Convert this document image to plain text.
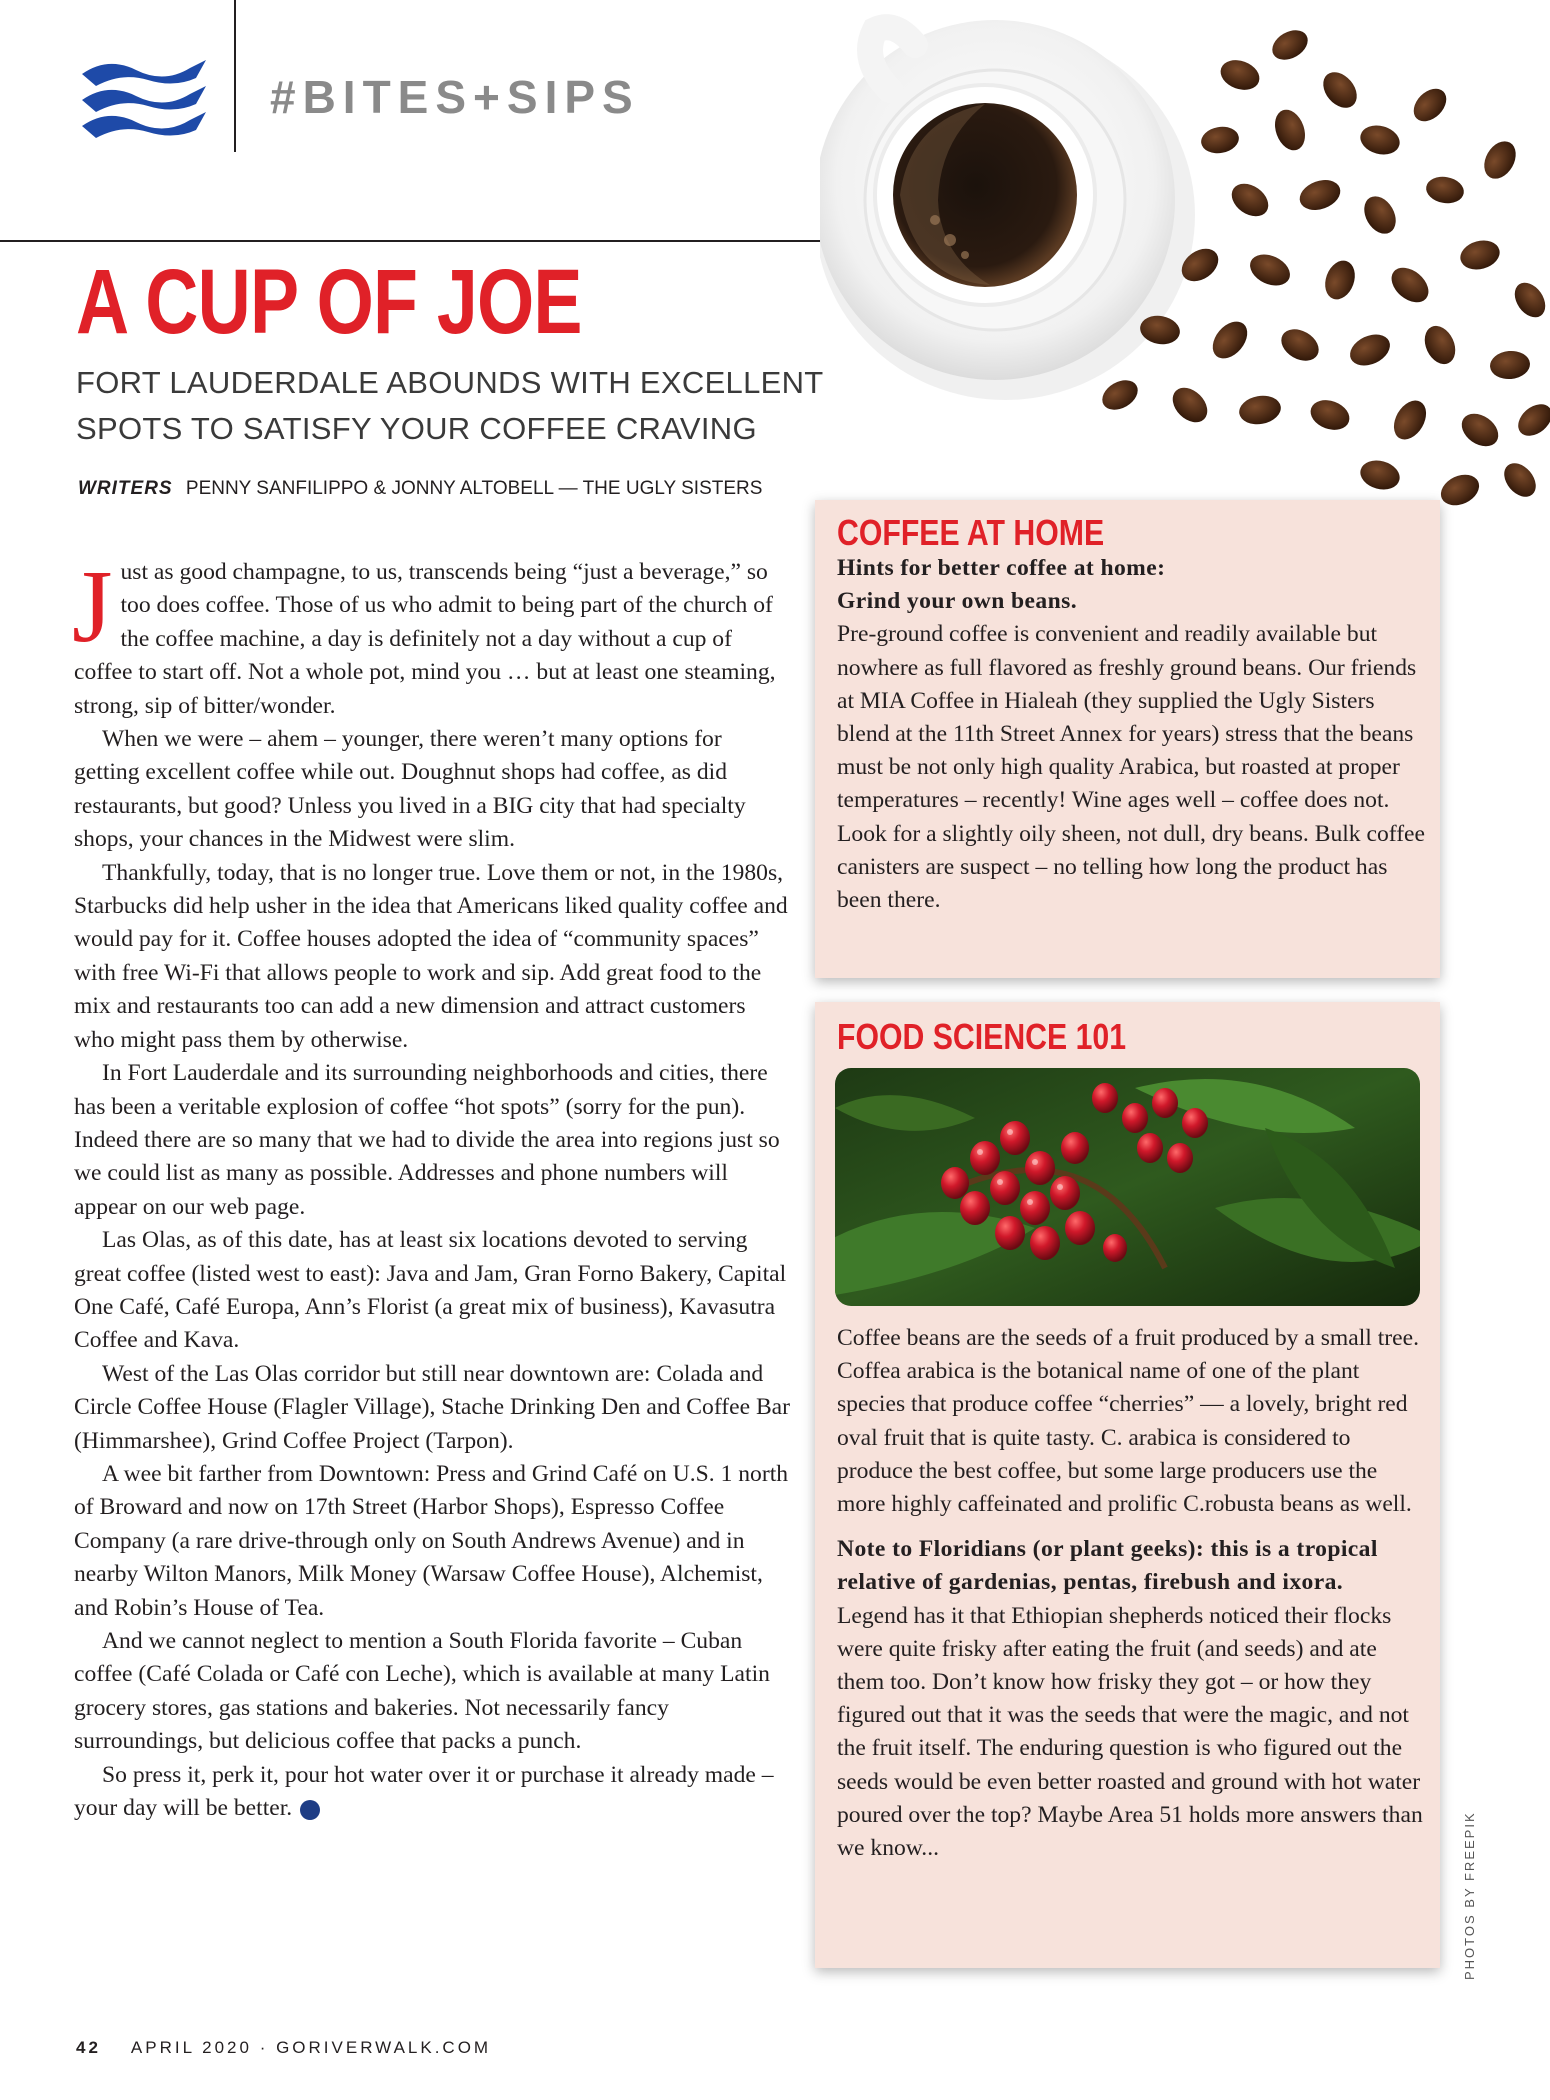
#BITES+SIPS
A CUP OF JOE
FORT LAUDERDALE ABOUNDS WITH EXCELLENT SPOTS TO SATISFY YOUR COFFEE CRAVING
WRITERS PENNY SANFILIPPO & JONNY ALTOBELL — THE UGLY SISTERS

Just as good champagne, to us, transcends being “just a beverage,” so too does coffee. Those of us who admit to being part of the church of the coffee machine, a day is definitely not a day without a cup of coffee to start off. Not a whole pot, mind you … but at least one steaming, strong, sip of bitter/wonder.

When we were – ahem – younger, there weren’t many options for getting excellent coffee while out. Doughnut shops had coffee, as did restaurants, but good? Unless you lived in a BIG city that had specialty shops, your chances in the Midwest were slim.

Thankfully, today, that is no longer true. Love them or not, in the 1980s, Starbucks did help usher in the idea that Americans liked quality coffee and would pay for it. Coffee houses adopted the idea of “community spaces” with free Wi-Fi that allows people to work and sip. Add great food to the mix and restaurants too can add a new dimension and attract customers who might pass them by otherwise.

In Fort Lauderdale and its surrounding neighborhoods and cities, there has been a veritable explosion of coffee “hot spots” (sorry for the pun). Indeed there are so many that we had to divide the area into regions just so we could list as many as possible. Addresses and phone numbers will appear on our web page.

Las Olas, as of this date, has at least six locations devoted to serving great coffee (listed west to east): Java and Jam, Gran Forno Bakery, Capital One Café, Café Europa, Ann’s Florist (a great mix of business), Kavasutra Coffee and Kava.

West of the Las Olas corridor but still near downtown are: Colada and Circle Coffee House (Flagler Village), Stache Drinking Den and Coffee Bar (Himmarshee), Grind Coffee Project (Tarpon).

A wee bit farther from Downtown: Press and Grind Café on U.S. 1 north of Broward and now on 17th Street (Harbor Shops), Espresso Coffee Company (a rare drive-through only on South Andrews Avenue) and in nearby Wilton Manors, Milk Money (Warsaw Coffee House), Alchemist, and Robin’s House of Tea.

And we cannot neglect to mention a South Florida favorite – Cuban coffee (Café Colada or Café con Leche), which is available at many Latin grocery stores, gas stations and bakeries. Not necessarily fancy surroundings, but delicious coffee that packs a punch.

So press it, perk it, pour hot water over it or purchase it already made – your day will be better.	GO

COFFEE AT HOME

Hints for better coffee at home:

Grind your own beans.

Pre-ground coffee is convenient and readily available but nowhere as full flavored as freshly ground beans. Our friends at MIA Coffee in Hialeah (they supplied the Ugly Sisters blend at the 11th Street Annex for years) stress that the beans must be not only high quality Arabica, but roasted at proper temperatures – recently! Wine ages well – coffee does not. Look for a slightly oily sheen, not dull, dry beans. Bulk coffee canisters are suspect – no telling how long the product has been there.

FOOD SCIENCE 101

Coffee beans are the seeds of a fruit produced by a small tree. Coffea arabica is the botanical name of one of the plant species that produce coffee “cherries” — a lovely, bright red oval fruit that is quite tasty. C. arabica is considered to produce the best coffee, but some large producers use the more highly caffeinated and prolific C.robusta beans as well.

Note to Floridians (or plant geeks): this is a tropical relative of gardenias, pentas, firebush and ixora.

Legend has it that Ethiopian shepherds noticed their flocks were quite frisky after eating the fruit (and seeds) and ate them too. Don’t know how frisky they got – or how they figured out that it was the seeds that were the magic, and not the fruit itself. The enduring question is who figured out the seeds would be even better roasted and ground with hot water poured over the top? Maybe Area 51 holds more answers than we know...	PHOTOS BY FREEPIK
42 APRIL 2020 · GORIVERWALK.COM
